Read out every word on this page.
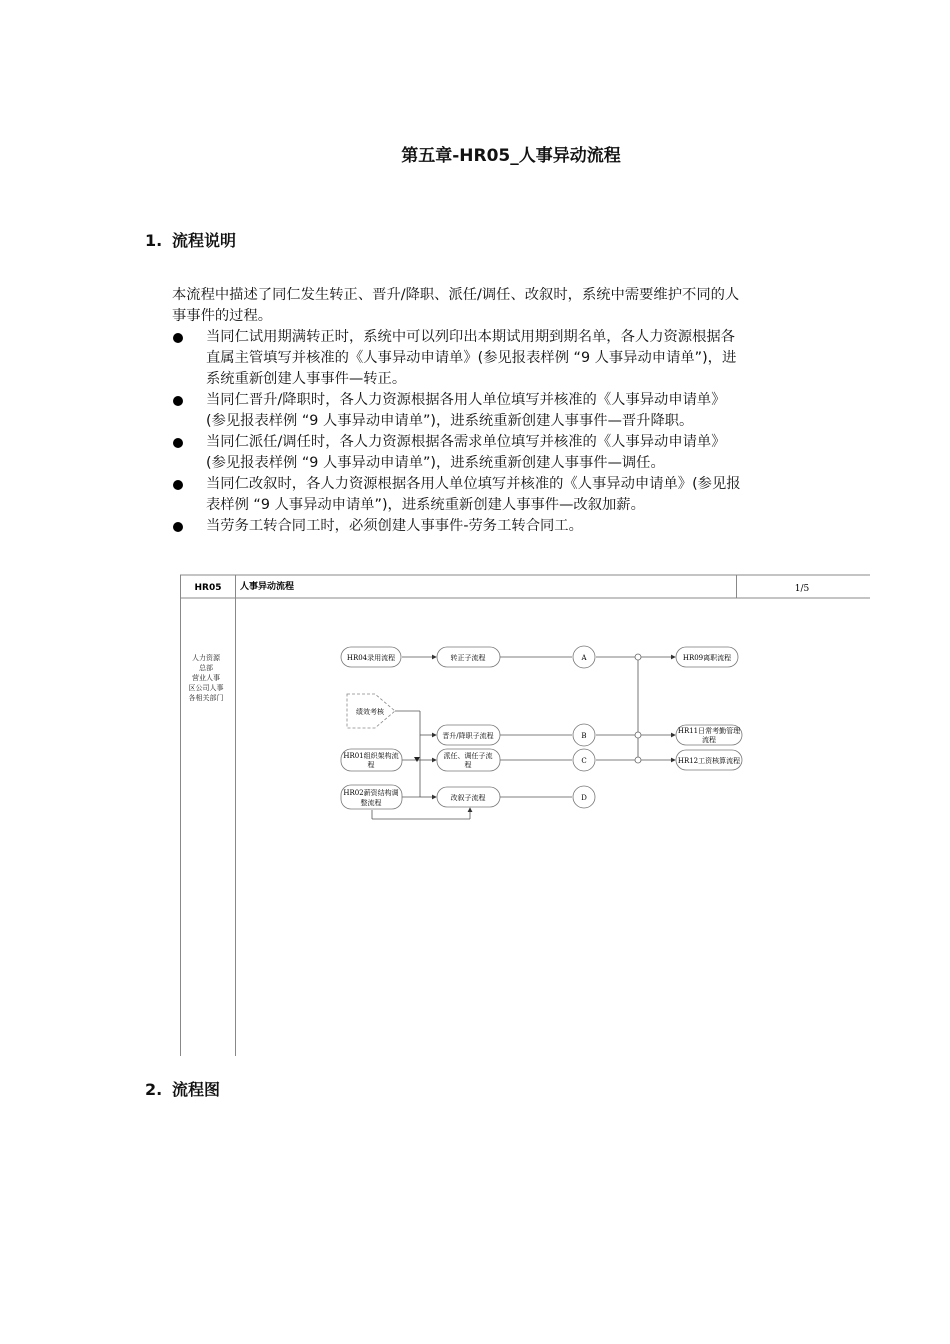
第五章-HR05_人事异动流程
1. 流程说明
本流程中描述了同仁发生转正、晋升/降职、派任/调任、改叙时，系统中需要维护不同的人
事事件的过程。
当同仁试用期满转正时，系统中可以列印出本期试用期到期名单，各人力资源根据各
直属主管填写并核准的《人事异动申请单》(参见报表样例 “9 人事异动申请单”)，进
系统重新创建人事事件—转正。
当同仁晋升/降职时，各人力资源根据各用人单位填写并核准的《人事异动申请单》
(参见报表样例 “9 人事异动申请单”)，进系统重新创建人事事件—晋升降职。
当同仁派任/调任时，各人力资源根据各需求单位填写并核准的《人事异动申请单》
(参见报表样例 “9 人事异动申请单”)，进系统重新创建人事事件—调任。
当同仁改叙时，各人力资源根据各用人单位填写并核准的《人事异动申请单》(参见报
表样例 “9 人事异动申请单”)，进系统重新创建人事事件—改叙加薪。
当劳务工转合同工时，必须创建人事事件-劳务工转合同工。
HR05 人事异动流程	1/5
人力资源
总部
营业人事
区公司人事
各相关部门
HR04录用流程	转正子流程	A	HR09离职流程
绩效考核
晋升/降职子流程	B
HR11日常考勤管理
流程
HR01组织架构流
程
派任、调任子流
程	C	HR12工资核算流程
HR02薪资结构调
整流程
改叙子流程	D
2. 流程图
